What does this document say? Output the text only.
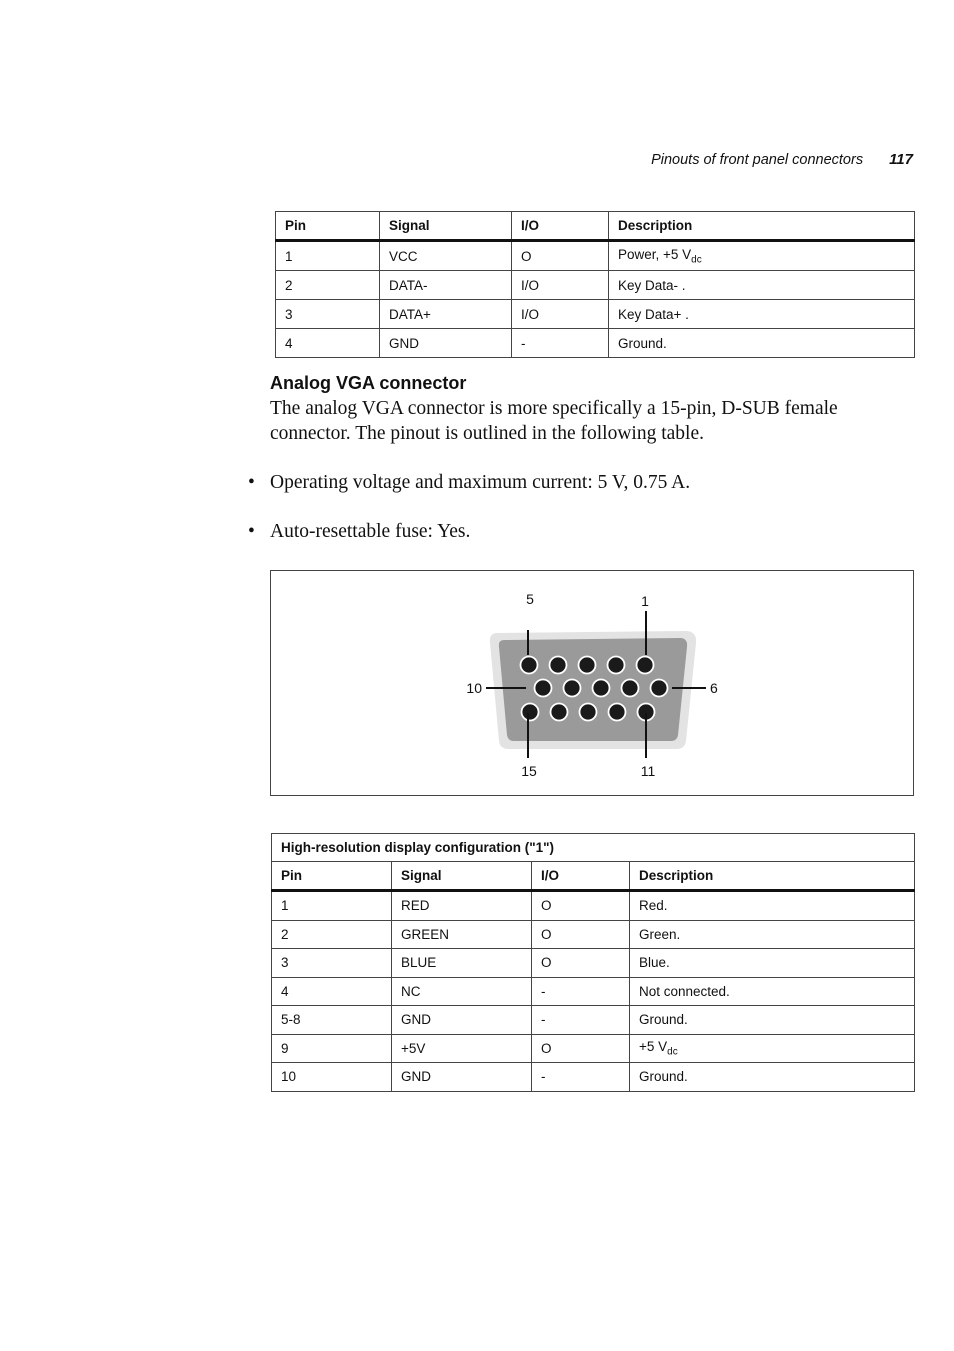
Pinouts of front panel connectors 117
Pin	Signal	I/O	Description
1	VCC	O	Power, +5 $V_{dc}$
2	DATA-	I/O	Key Data- .
3	DATA+	I/O	Key Data+ .
4	GND	-	Ground.
Analog VGA connector

The analog VGA connector is more specifically a 15-pin, D-SUB female connector. The pinout is outlined in the following table.

• Operating voltage and maximum current: 5 V, 0.75 A.

• Auto-resettable fuse: Yes.

5	1
10	6
15	11
High-resolution display configuration ("1")			
Pin	Signal	I/O	Description
1	RED	O	Red.
2	GREEN	O	Green.
3	BLUE	O	Blue.
4	NC	-	Not connected.
5-8	GND	-	Ground.
9	+5V	O	+5 $V_{dc}$
10	GND	-	Ground.
